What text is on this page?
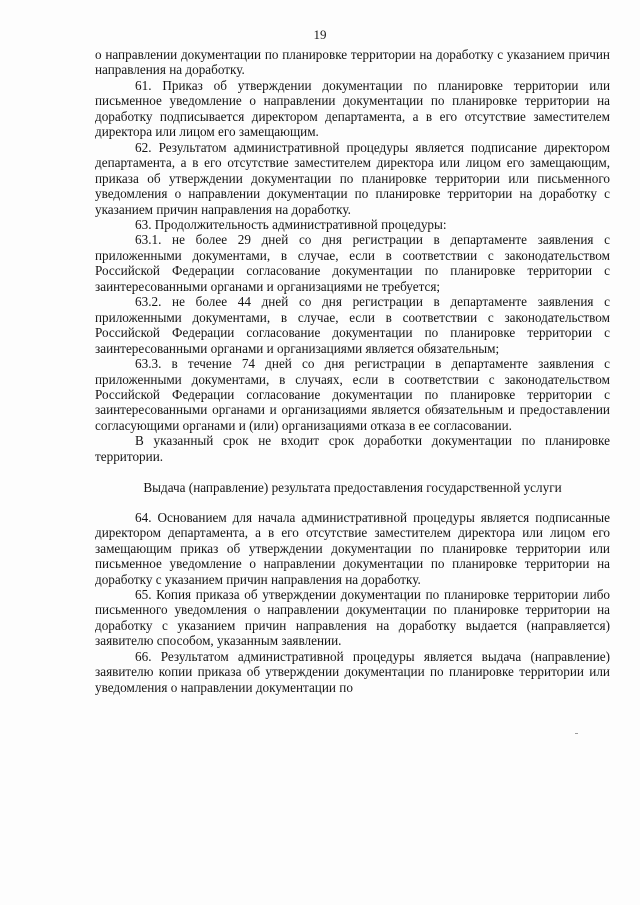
19

о направлении документации по планировке территории на доработку с указанием причин направления на доработку.

61. Приказ об утверждении документации по планировке территории или письменное уведомление о направлении документации по планировке территории на доработку подписывается директором департамента, а в его отсутствие заместителем директора или лицом его замещающим.

62. Результатом административной процедуры является подписание директором департамента, а в его отсутствие заместителем директора или лицом его замещающим, приказа об утверждении документации по планировке территории или письменного уведомления о направлении документации по планировке территории на доработку с указанием причин направления на доработку.

63. Продолжительность административной процедуры:

63.1. не более 29 дней со дня регистрации в департаменте заявления с приложенными документами, в случае, если в соответствии с законодательством Российской Федерации согласование документации по планировке территории с заинтересованными органами и организациями не требуется;

63.2. не более 44 дней со дня регистрации в департаменте заявления с приложенными документами, в случае, если в соответствии с законодательством Российской Федерации согласование документации по планировке территории с заинтересованными органами и организациями является обязательным;

63.3. в течение 74 дней со дня регистрации в департаменте заявления с приложенными документами, в случаях, если в соответствии с законодательством Российской Федерации согласование документации по планировке территории с заинтересованными органами и организациями является обязательным и предоставлении согласующими органами и (или) организациями отказа в ее согласовании.

В указанный срок не входит срок доработки документации по планировке территории.

Выдача (направление) результата предоставления государственной услуги

64. Основанием для начала административной процедуры является подписанные директором департамента, а в его отсутствие заместителем директора или лицом его замещающим приказ об утверждении документации по планировке территории или письменное уведомление о направлении документации по планировке территории на доработку с указанием причин направления на доработку.

65. Копия приказа об утверждении документации по планировке территории либо письменного уведомления о направлении документации по планировке территории на доработку с указанием причин направления на доработку выдается (направляется) заявителю способом, указанным заявлении.

66. Результатом административной процедуры является выдача (направление) заявителю копии приказа об утверждении документации по планировке территории или уведомления о направлении документации по
